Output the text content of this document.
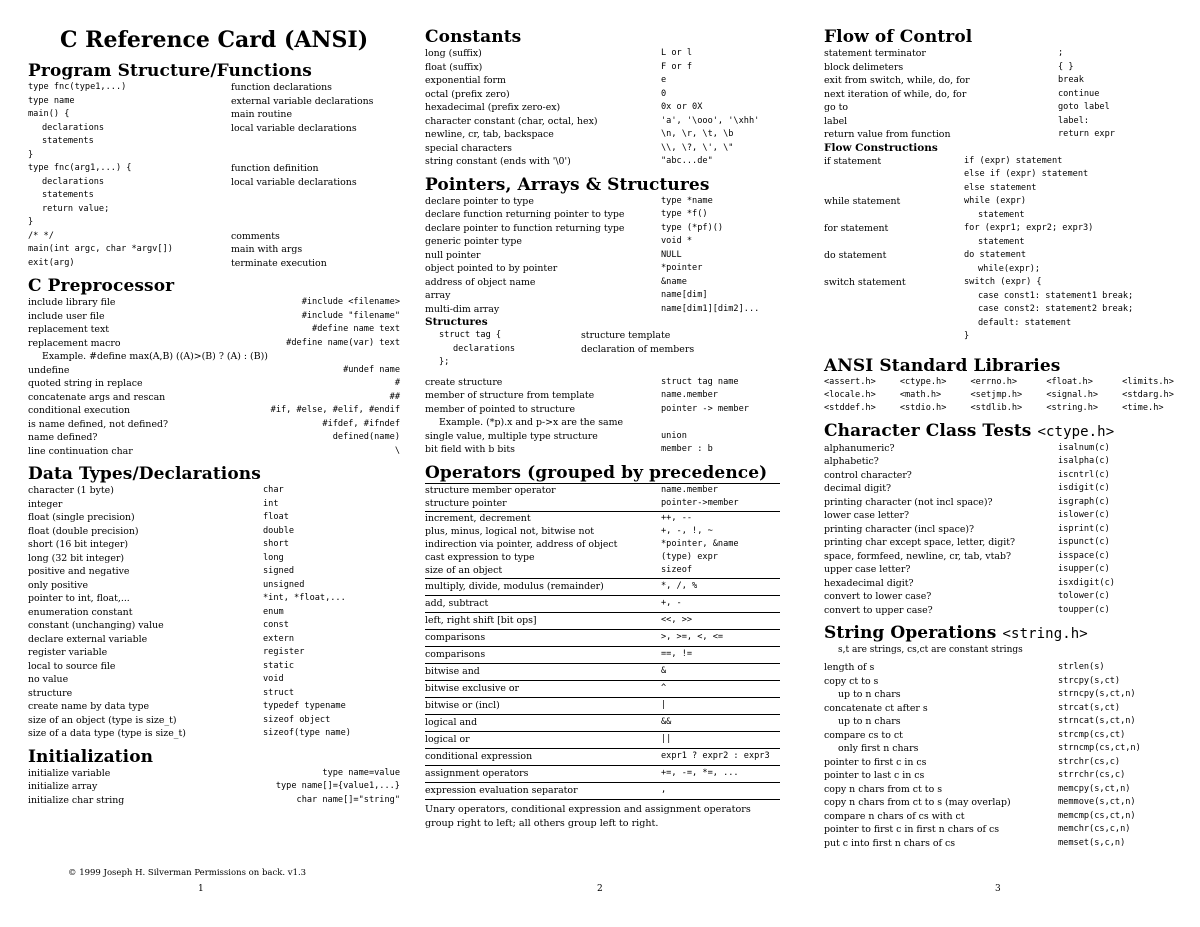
C Reference Card (ANSI)
Program Structure/Functions
type fnc(type1,...)	function declarations
type name	external variable declarations
main() {	main routine
declarations	local variable declarations
statements
}
type fnc(arg1,...) {	function definition
declarations	local variable declarations
statements
return value;
}
/* */	comments
main(int argc, char *argv[])	main with args
exit(arg)	terminate execution
C Preprocessor
include library file	#include <filename>
include user file	#include "filename"
replacement text	#define name text
replacement macro	#define name(var) text
Example. #define max(A,B) ((A)>(B) ? (A) : (B))
undefine	#undef name
quoted string in replace	#
concatenate args and rescan	##
conditional execution	#if, #else, #elif, #endif
is name defined, not defined?	#ifdef, #ifndef
name defined?	defined(name)
line continuation char	\
Data Types/Declarations
character (1 byte)	char
integer	int
float (single precision)	float
float (double precision)	double
short (16 bit integer)	short
long (32 bit integer)	long
positive and negative	signed
only positive	unsigned
pointer to int, float,...	*int, *float,...
enumeration constant	enum
constant (unchanging) value	const
declare external variable	extern
register variable	register
local to source file	static
no value	void
structure	struct
create name by data type	typedef typename
size of an object (type is size_t)	sizeof object
size of a data type (type is size_t)	sizeof(type name)
Initialization
initialize variable	type name=value
initialize array	type name[]={value1,...}
initialize char string	char name[]="string"
Constants
long (suffix)	L or l
float (suffix)	F or f
exponential form	e
octal (prefix zero)	0
hexadecimal (prefix zero-ex)	0x or 0X
character constant (char, octal, hex)	'a', '\ooo', '\xhh'
newline, cr, tab, backspace	\n, \r, \t, \b
special characters	\\, \?, \', \"
string constant (ends with '\0')	"abc...de"
Pointers, Arrays & Structures
declare pointer to type	type *name
declare function returning pointer to type	type *f()
declare pointer to function returning type	type (*pf)()
generic pointer type	void *
null pointer	NULL
object pointed to by pointer	*pointer
address of object name	&name
array	name[dim]
multi-dim array	name[dim1][dim2]...
Structures
struct tag {	structure template
declarations	declaration of members
};
create structure	struct tag name
member of structure from template	name.member
member of pointed to structure	pointer -> member
Example. (*p).x and p->x are the same
single value, multiple type structure	union
bit field with b bits	member : b
Operators (grouped by precedence)
structure member operator	name.member
structure pointer	pointer->member
increment, decrement	++, --
plus, minus, logical not, bitwise not	+, -, !, ~
indirection via pointer, address of object	*pointer, &name
cast expression to type	(type) expr
size of an object	sizeof
multiply, divide, modulus (remainder)	*, /, %
add, subtract	+, -
left, right shift [bit ops]	<<, >>
comparisons	>, >=, <, <=
comparisons	==, !=
bitwise and	&
bitwise exclusive or	^
bitwise or (incl)	|
logical and	&&
logical or	||
conditional expression	expr1 ? expr2 : expr3
assignment operators	+=, -=, *=, ...
expression evaluation separator	,
Unary operators, conditional expression and assignment operators group right to left; all others group left to right.
Flow of Control
statement terminator	;
block delimeters	{ }
exit from switch, while, do, for	break
next iteration of while, do, for	continue
go to	goto label
label	label:
return value from function	return expr
Flow Constructions
if statement	if (expr) statement
else if (expr) statement
else statement
while statement	while (expr)
statement
for statement	for (expr1; expr2; expr3)
statement
do statement	do statement
while(expr);
switch statement	switch (expr) {
case const1: statement1 break;
case const2: statement2 break;
default: statement
}
ANSI Standard Libraries
<assert.h>	<ctype.h>	<errno.h>	<float.h>	<limits.h>
<locale.h>	<math.h>	<setjmp.h>	<signal.h>	<stdarg.h>
<stddef.h>	<stdio.h>	<stdlib.h>	<string.h>	<time.h>
Character Class Tests <ctype.h>
alphanumeric?	isalnum(c)
alphabetic?	isalpha(c)
control character?	iscntrl(c)
decimal digit?	isdigit(c)
printing character (not incl space)?	isgraph(c)
lower case letter?	islower(c)
printing character (incl space)?	isprint(c)
printing char except space, letter, digit?	ispunct(c)
space, formfeed, newline, cr, tab, vtab?	isspace(c)
upper case letter?	isupper(c)
hexadecimal digit?	isxdigit(c)
convert to lower case?	tolower(c)
convert to upper case?	toupper(c)
String Operations <string.h>
s,t are strings, cs,ct are constant strings
length of s	strlen(s)
copy ct to s	strcpy(s,ct)
up to n chars	strncpy(s,ct,n)
concatenate ct after s	strcat(s,ct)
up to n chars	strncat(s,ct,n)
compare cs to ct	strcmp(cs,ct)
only first n chars	strncmp(cs,ct,n)
pointer to first c in cs	strchr(cs,c)
pointer to last c in cs	strrchr(cs,c)
copy n chars from ct to s	memcpy(s,ct,n)
copy n chars from ct to s (may overlap)	memmove(s,ct,n)
compare n chars of cs with ct	memcmp(cs,ct,n)
pointer to first c in first n chars of cs	memchr(cs,c,n)
put c into first n chars of cs	memset(s,c,n)
© 1999 Joseph H. Silverman Permissions on back. v1.3
1	2	3
